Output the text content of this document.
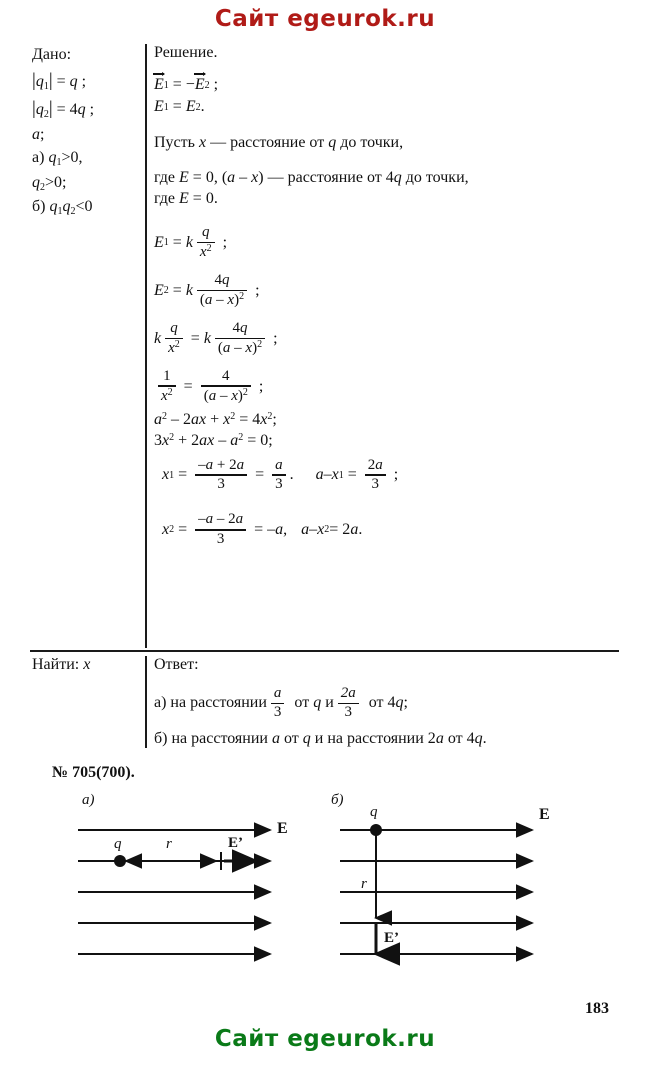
Сайт egeurok.ru
Сайт egeurok.ru
Дано:
|q1| = q ;
|q2| = 4q ;
a;
а) q1>0,
q2>0;
б) q1q2<0
Найти: x
Решение.
E 1 = − E 2 ;
E 1 = E 2 .
Пусть x — расстояние от q до точки,
где E = 0, (a – x) — расстояние от 4q до точки,
где E = 0.
E 1 = k $\frac{q}{x^2}$ ;
E 2 = k $\frac{4q}{(a - x)^2}$ ;
k $\frac{q}{x^2} = k \frac{4q}{(a - x)^2}$ ;
$\frac{1}{x^2} = \frac{4}{(a - x)^2}$ ;
$a^2 - 2ax + x^2 = 4x^2$;
$3x^2 + 2ax - a^2 = 0$;
x $1 = \frac{-a + 2a}{3} = \frac{a}{3}$ . a – x $1 = \frac{2a}{3}$ ;
x $2 = \frac{-a - 2a}{3}$ = – a , a – x 2 = 2 a .
Ответ:
а) на расстоянии $\frac{a}{3}$ от q и $\frac{2a}{3}$ от 4q;
б) на расстоянии a от q и на расстоянии 2a от 4q.
№ 705(700).
а)	б)
E
q	r	E’
E
q
r
E’
183
